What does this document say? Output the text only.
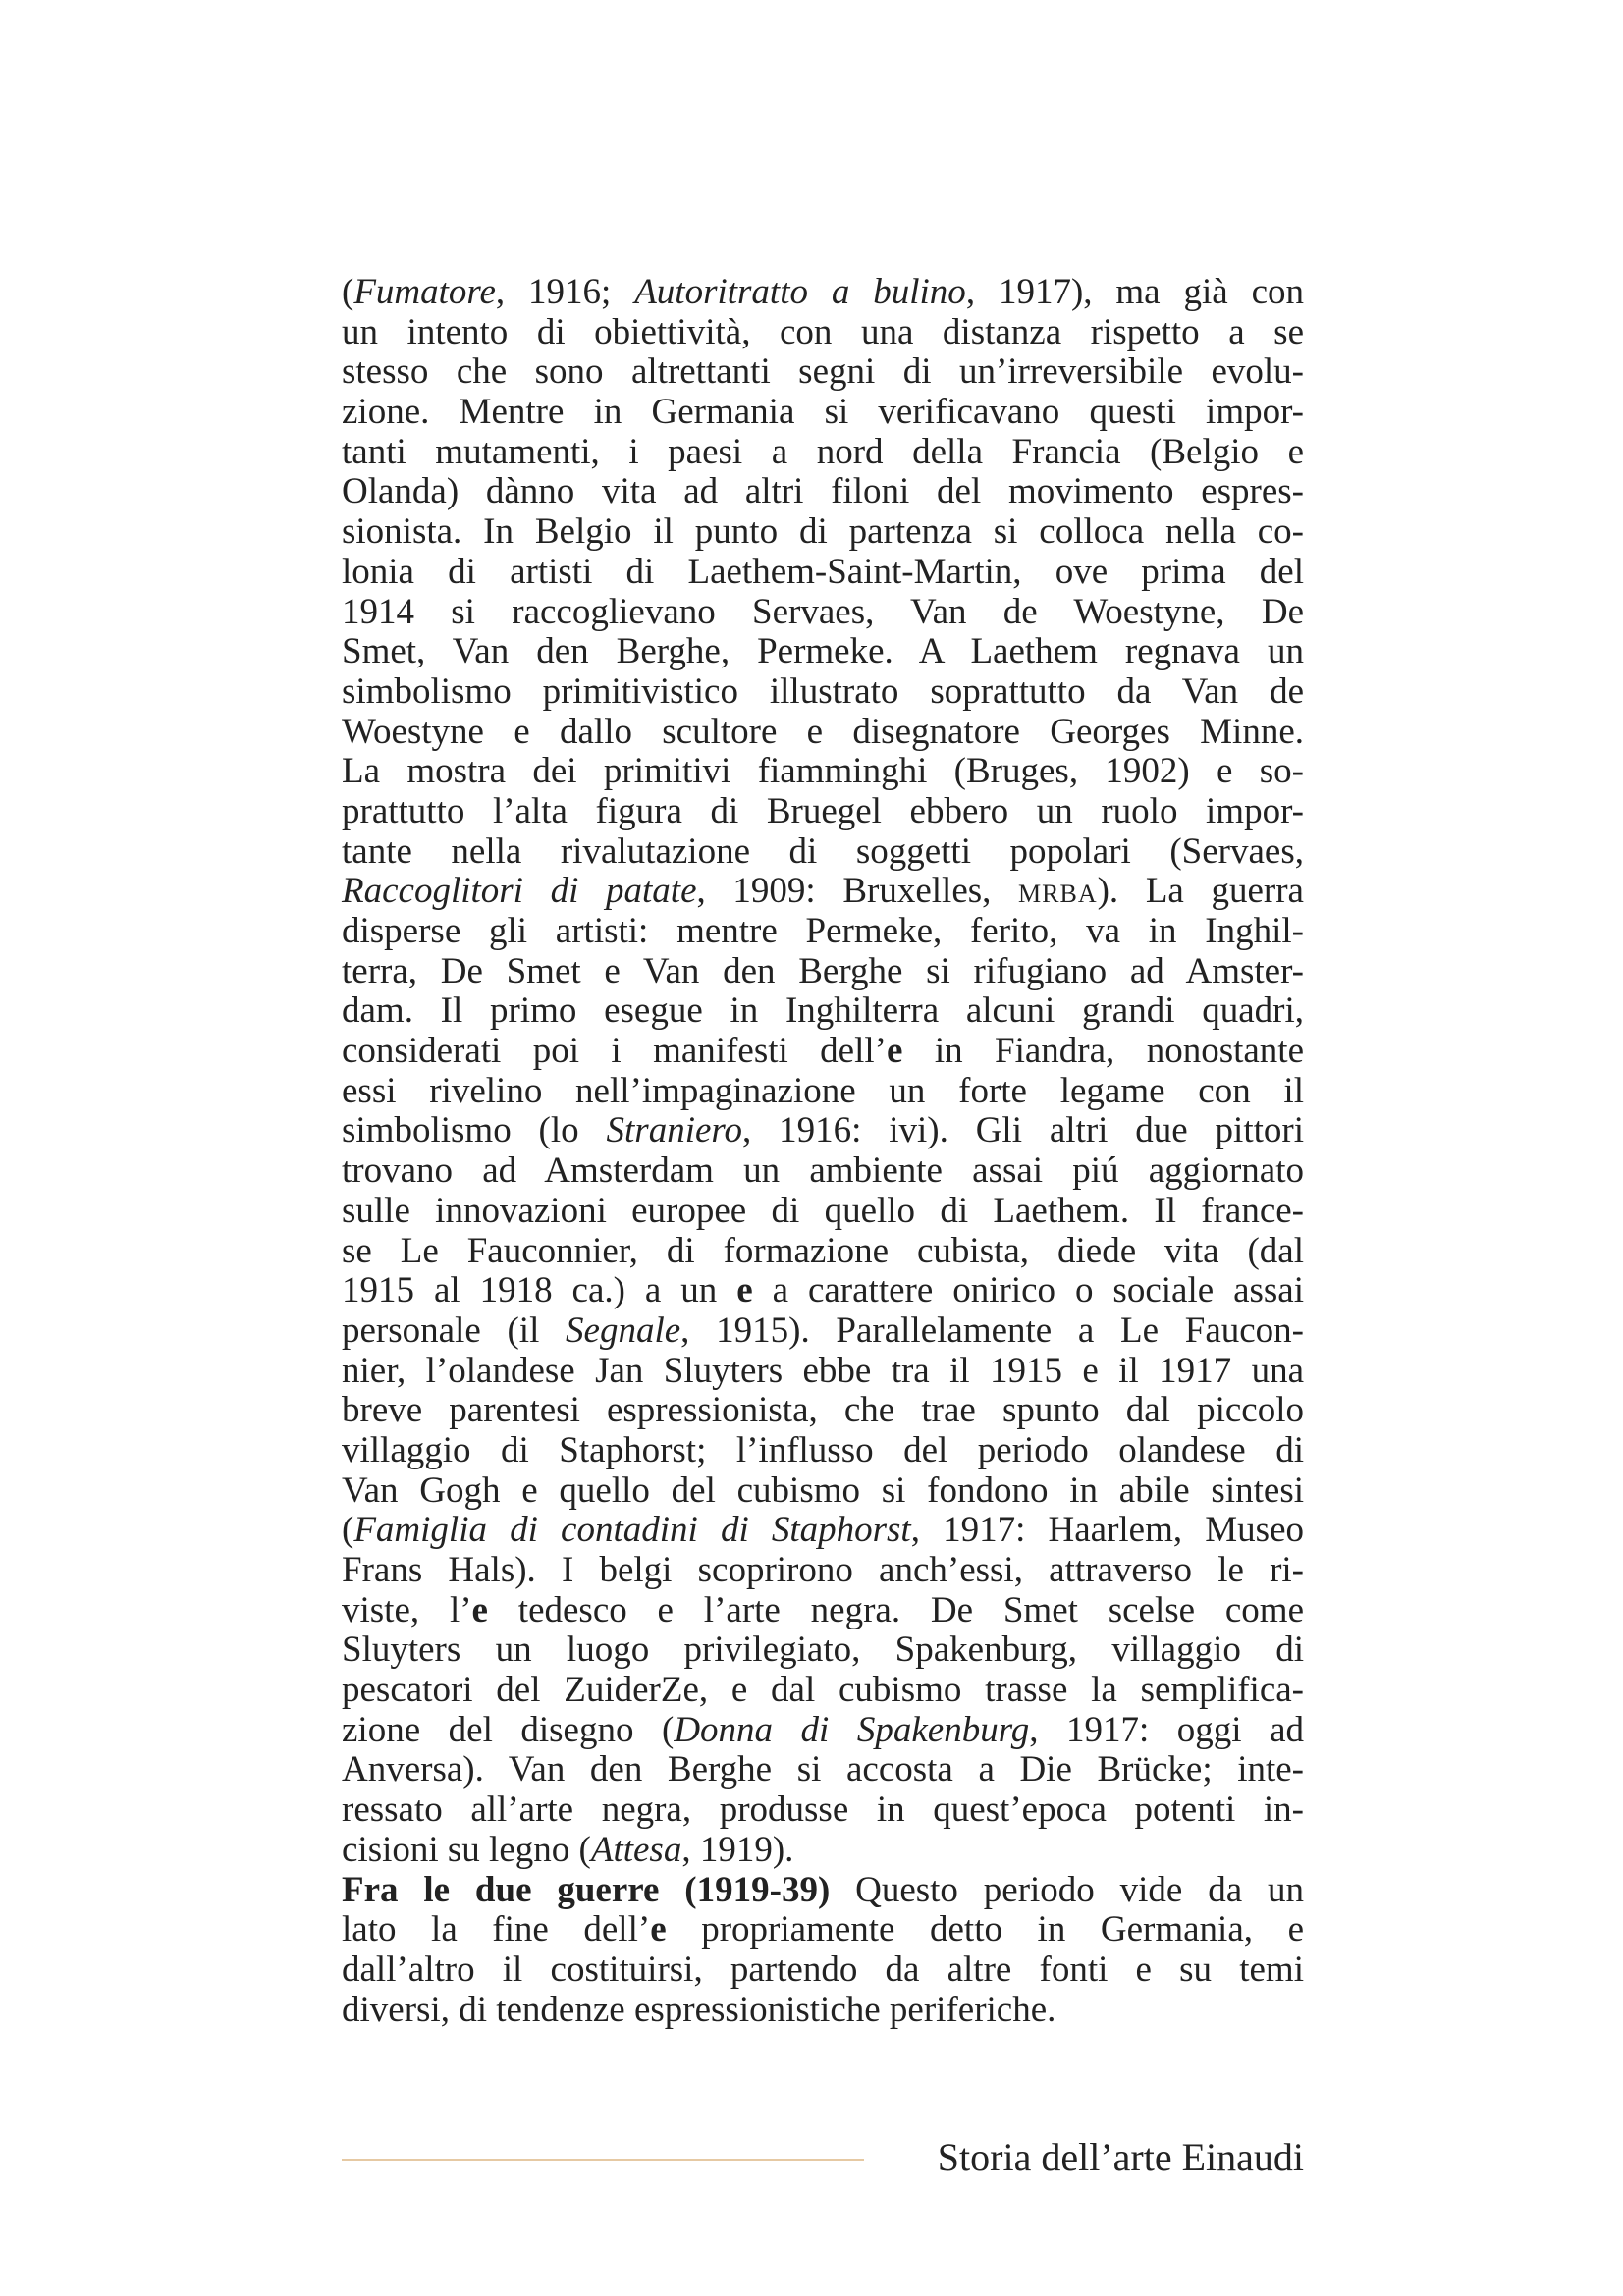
(Fumatore, 1916; Autoritratto a bulino, 1917), ma già con
un intento di obiettività, con una distanza rispetto a se
stesso che sono altrettanti segni di un’irreversibile evolu-
zione. Mentre in Germania si verificavano questi impor-
tanti mutamenti, i paesi a nord della Francia (Belgio e
Olanda) dànno vita ad altri filoni del movimento espres-
sionista. In Belgio il punto di partenza si colloca nella co-
lonia di artisti di Laethem-Saint-Martin, ove prima del
1914 si raccoglievano Servaes, Van de Woestyne, De
Smet, Van den Berghe, Permeke. A Laethem regnava un
simbolismo primitivistico illustrato soprattutto da Van de
Woestyne e dallo scultore e disegnatore Georges Minne.
La mostra dei primitivi fiamminghi (Bruges, 1902) e so-
prattutto l’alta figura di Bruegel ebbero un ruolo impor-
tante nella rivalutazione di soggetti popolari (Servaes,
Raccoglitori di patate, 1909: Bruxelles, mrba). La guerra
disperse gli artisti: mentre Permeke, ferito, va in Inghil-
terra, De Smet e Van den Berghe si rifugiano ad Amster-
dam. Il primo esegue in Inghilterra alcuni grandi quadri,
considerati poi i manifesti dell’e in Fiandra, nonostante
essi rivelino nell’impaginazione un forte legame con il
simbolismo (lo Straniero, 1916: ivi). Gli altri due pittori
trovano ad Amsterdam un ambiente assai piú aggiornato
sulle innovazioni europee di quello di Laethem. Il france-
se Le Fauconnier, di formazione cubista, diede vita (dal
1915 al 1918 ca.) a un e a carattere onirico o sociale assai
personale (il Segnale, 1915). Parallelamente a Le Faucon-
nier, l’olandese Jan Sluyters ebbe tra il 1915 e il 1917 una
breve parentesi espressionista, che trae spunto dal piccolo
villaggio di Staphorst; l’influsso del periodo olandese di
Van Gogh e quello del cubismo si fondono in abile sintesi
(Famiglia di contadini di Staphorst, 1917: Haarlem, Museo
Frans Hals). I belgi scoprirono anch’essi, attraverso le ri-
viste, l’e tedesco e l’arte negra. De Smet scelse come
Sluyters un luogo privilegiato, Spakenburg, villaggio di
pescatori del ZuiderZe, e dal cubismo trasse la semplifica-
zione del disegno (Donna di Spakenburg, 1917: oggi ad
Anversa). Van den Berghe si accosta a Die Brücke; inte-
ressato all’arte negra, produsse in quest’epoca potenti in-
cisioni su legno (Attesa, 1919).
Fra le due guerre (1919-39) Questo periodo vide da un
lato la fine dell’e propriamente detto in Germania, e
dall’altro il costituirsi, partendo da altre fonti e su temi
diversi, di tendenze espressionistiche periferiche.
Storia dell’arte Einaudi
